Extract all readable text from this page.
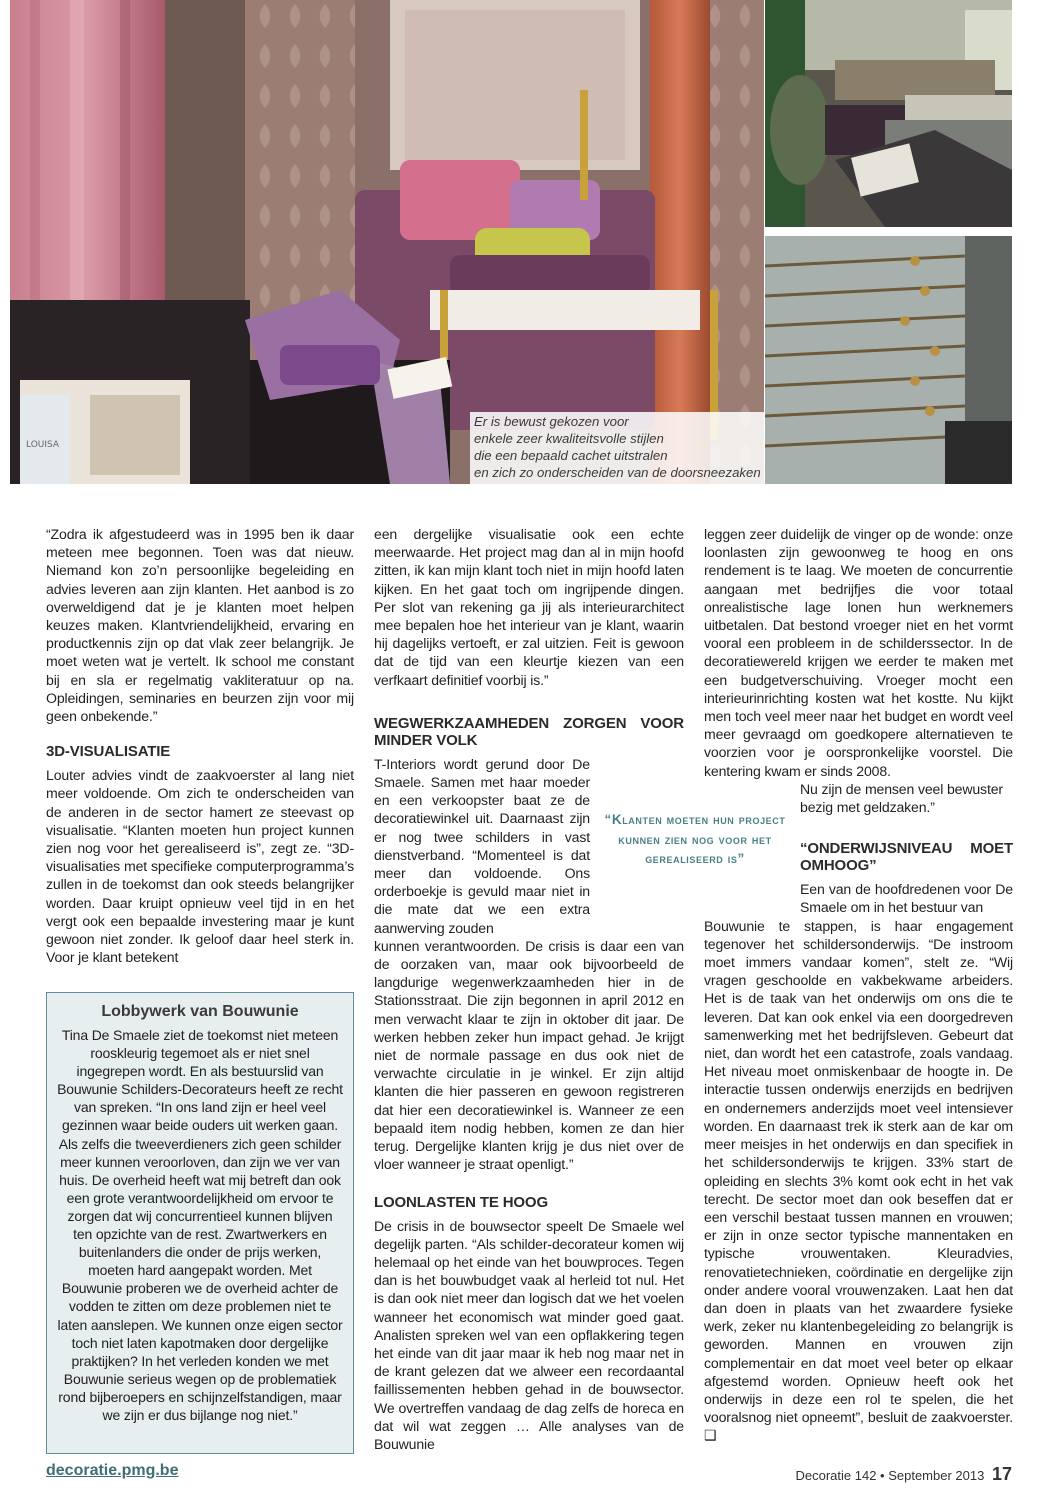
LOUISA
Er is bewust gekozen voor
enkele zeer kwaliteitsvolle stijlen
die een bepaald cachet uitstralen
en zich zo onderscheiden van de doorsneezaken

“Zodra ik afgestudeerd was in 1995 ben ik daar meteen mee begonnen. Toen was dat nieuw. Niemand kon zo’n persoonlijke begeleiding en advies leveren aan zijn klanten. Het aanbod is zo overweldigend dat je je klanten moet helpen keuzes maken. Klantvriendelijkheid, ervaring en productkennis zijn op dat vlak zeer belangrijk. Je moet weten wat je vertelt. Ik school me constant bij en sla er regelmatig vakliteratuur op na. Opleidingen, seminaries en beurzen zijn voor mij geen onbekende.”

3D-VISUALISATIE

Louter advies vindt de zaakvoerster al lang niet meer voldoende. Om zich te onderscheiden van de anderen in de sector hamert ze steevast op visualisatie. “Klanten moeten hun project kunnen zien nog voor het gerealiseerd is”, zegt ze. “3D-visualisaties met specifieke computerprogramma’s zullen in de toekomst dan ook steeds belangrijker worden. Daar kruipt opnieuw veel tijd in en het vergt ook een bepaalde investering maar je kunt gewoon niet zonder. Ik geloof daar heel sterk in. Voor je klant betekent

Lobbywerk van Bouwunie

Tina De Smaele ziet de toekomst niet meteen rooskleurig tegemoet als er niet snel ingegrepen wordt. En als bestuurslid van Bouwunie Schilders-Decorateurs heeft ze recht van spreken. “In ons land zijn er heel veel gezinnen waar beide ouders uit werken gaan. Als zelfs die tweeverdieners zich geen schilder meer kunnen veroorloven, dan zijn we ver van huis. De overheid heeft wat mij betreft dan ook een grote verantwoordelijkheid om ervoor te zorgen dat wij concurrentieel kunnen blijven ten opzichte van de rest. Zwartwerkers en buitenlanders die onder de prijs werken, moeten hard aangepakt worden. Met Bouwunie proberen we de overheid achter de vodden te zitten om deze problemen niet te laten aanslepen. We kunnen onze eigen sector toch niet laten kapotmaken door dergelijke praktijken? In het verleden konden we met Bouwunie serieus wegen op de problematiek rond bijberoepers en schijnzelfstandigen, maar we zijn er dus bijlange nog niet.”

een dergelijke visualisatie ook een echte meerwaarde. Het project mag dan al in mijn hoofd zitten, ik kan mijn klant toch niet in mijn hoofd laten kijken. En het gaat toch om ingrijpende dingen. Per slot van rekening ga jij als interieurarchitect mee bepalen hoe het interieur van je klant, waarin hij dagelijks vertoeft, er zal uitzien. Feit is gewoon dat de tijd van een kleurtje kiezen van een verfkaart definitief voorbij is.”

WEGWERKZAAMHEDEN ZORGEN VOOR MINDER VOLK

T-Interiors wordt gerund door De Smaele. Samen met haar moeder en een verkoopster baat ze de decoratiewinkel uit. Daarnaast zijn er nog twee schilders in vast dienstverband. “Momenteel is dat meer dan voldoende. Ons orderboekje is gevuld maar niet in die mate dat we een extra aanwerving zouden

kunnen verantwoorden. De crisis is daar een van de oorzaken van, maar ook bijvoorbeeld de langdurige wegenwerkzaamheden hier in de Stationsstraat. Die zijn begonnen in april 2012 en men verwacht klaar te zijn in oktober dit jaar. De werken hebben zeker hun impact gehad. Je krijgt niet de normale passage en dus ook niet de verwachte circulatie in je winkel. Er zijn altijd klanten die hier passeren en gewoon registreren dat hier een decoratiewinkel is. Wanneer ze een bepaald item nodig hebben, komen ze dan hier terug. Dergelijke klanten krijg je dus niet over de vloer wanneer je straat openligt.”

LOONLASTEN TE HOOG

De crisis in de bouwsector speelt De Smaele wel degelijk parten. “Als schilder-decorateur komen wij helemaal op het einde van het bouwproces. Tegen dan is het bouwbudget vaak al herleid tot nul. Het is dan ook niet meer dan logisch dat we het voelen wanneer het economisch wat minder goed gaat. Analisten spreken wel van een opflakkering tegen het einde van dit jaar maar ik heb nog maar net in de krant gelezen dat we alweer een recordaantal faillissementen hebben gehad in de bouwsector. We overtreffen vandaag de dag zelfs de horeca en dat wil wat zeggen … Alle analyses van de Bouwunie

“Klanten moeten hun project kunnen zien nog voor het gerealiseerd is”

leggen zeer duidelijk de vinger op de wonde: onze loonlasten zijn gewoonweg te hoog en ons rendement is te laag. We moeten de concurrentie aangaan met bedrijfjes die voor totaal onrealistische lage lonen hun werknemers uitbetalen. Dat bestond vroeger niet en het vormt vooral een probleem in de schilderssector. In de decoratiewereld krijgen we eerder te maken met een budgetverschuiving. Vroeger mocht een interieurinrichting kosten wat het kostte. Nu kijkt men toch veel meer naar het budget en wordt veel meer gevraagd om goedkopere alternatieven te voorzien voor je oorspronkelijke voorstel. Die kentering kwam er sinds 2008.

Nu zijn de mensen veel bewuster bezig met geldzaken.”

“ONDERWIJSNIVEAU MOET OMHOOG”

Een van de hoofdredenen voor De Smaele om in het bestuur van

Bouwunie te stappen, is haar engagement tegenover het schildersonderwijs. “De instroom moet immers vandaar komen”, stelt ze. “Wij vragen geschoolde en vakbekwame arbeiders. Het is de taak van het onderwijs om ons die te leveren. Dat kan ook enkel via een doorgedreven samenwerking met het bedrijfsleven. Gebeurt dat niet, dan wordt het een catastrofe, zoals vandaag. Het niveau moet onmiskenbaar de hoogte in. De interactie tussen onderwijs enerzijds en bedrijven en ondernemers anderzijds moet veel intensiever worden. En daarnaast trek ik sterk aan de kar om meer meisjes in het onderwijs en dan specifiek in het schildersonderwijs te krijgen. 33% start de opleiding en slechts 3% komt ook echt in het vak terecht. De sector moet dan ook beseffen dat er een verschil bestaat tussen mannen en vrouwen; er zijn in onze sector typische mannentaken en typische vrouwentaken. Kleuradvies, renovatietechnieken, coördinatie en dergelijke zijn onder andere vooral vrouwenzaken. Laat hen dat dan doen in plaats van het zwaardere fysieke werk, zeker nu klantenbegeleiding zo belangrijk is geworden. Mannen en vrouwen zijn complementair en dat moet veel beter op elkaar afgestemd worden. Opnieuw heeft ook het onderwijs in deze een rol te spelen, die het vooralsnog niet opneemt”, besluit de zaakvoerster. ❑

decoratie.pmg.be	Decoratie 142 • September 2013 17
